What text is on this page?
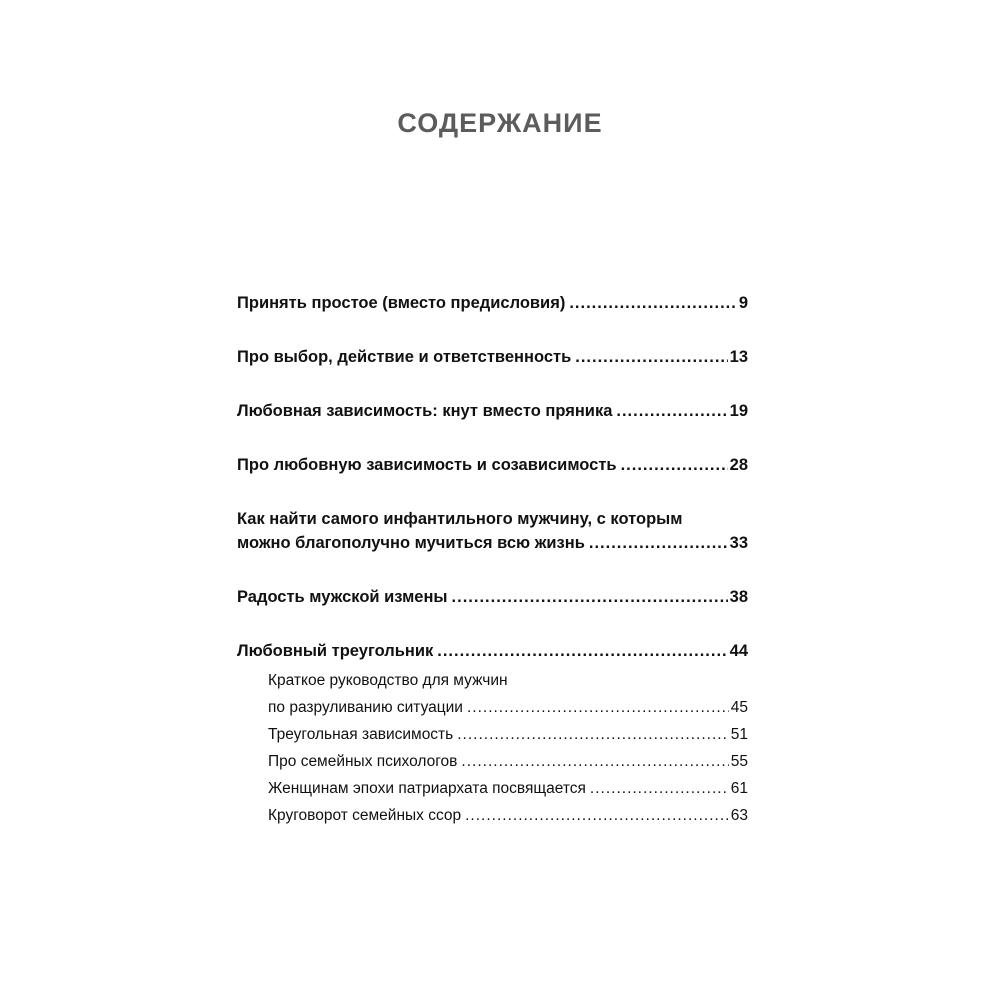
СОДЕРЖАНИЕ
Принять простое (вместо предисловия) .....	9
Про выбор, действие и ответственность .....	13
Любовная зависимость: кнут вместо пряника .....	19
Про любовную зависимость и созависимость .....	28
Как найти самого инфантильного мужчину, с которым
можно благополучно мучиться всю жизнь .....	33
Радость мужской измены .....	38
Любовный треугольник .....	44
Краткое руководство для мужчин
по разруливанию ситуации .....	45
Треугольная зависимость .....	51
Про семейных психологов .....	55
Женщинам эпохи патриархата посвящается .....	61
Круговорот семейных ссор .....	63
